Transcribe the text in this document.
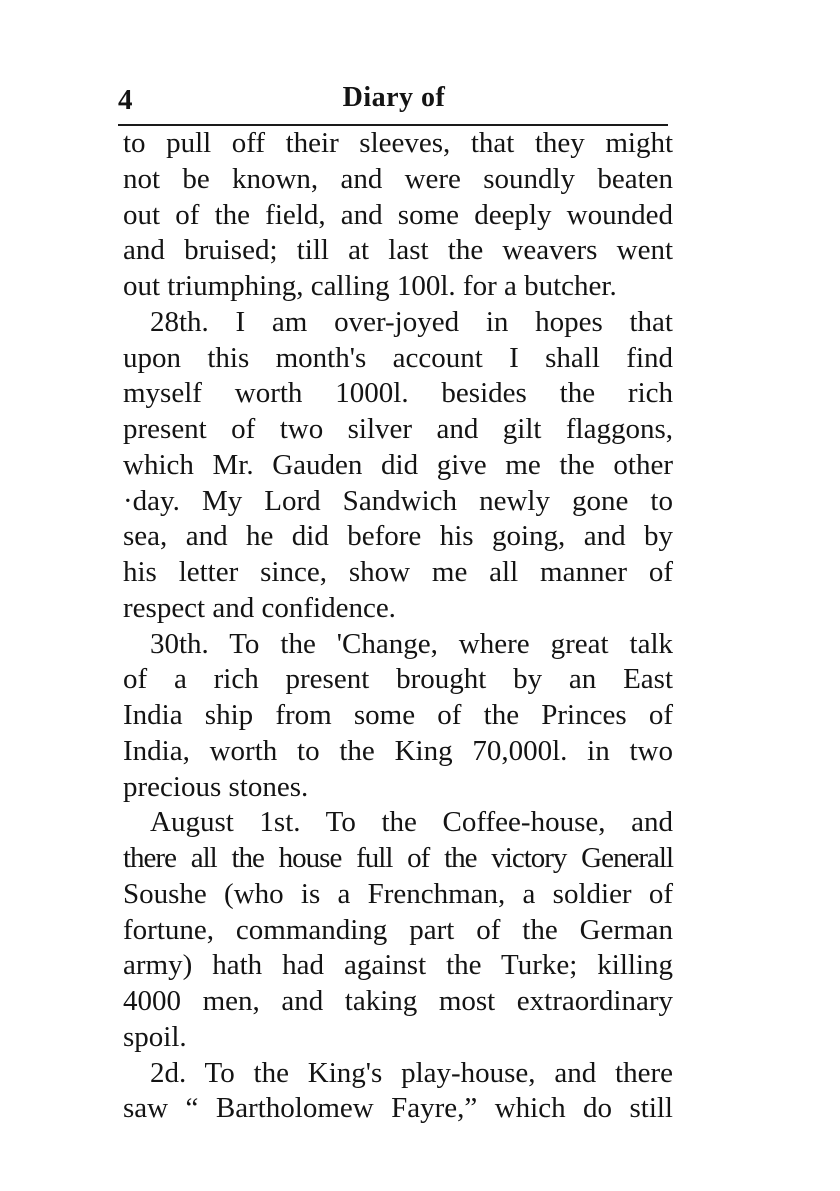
4	Diary of
to pull off their sleeves, that they might
not be known, and were soundly beaten
out of the field, and some deeply wounded
and bruised; till at last the weavers went
out triumphing, calling 100l. for a butcher.
28th. I am over-joyed in hopes that
upon this month's account I shall find
myself worth 1000l. besides the rich
present of two silver and gilt flaggons,
which Mr. Gauden did give me the other
·day. My Lord Sandwich newly gone to
sea, and he did before his going, and by
his letter since, show me all manner of
respect and confidence.
30th. To the 'Change, where great talk
of a rich present brought by an East
India ship from some of the Princes of
India, worth to the King 70,000l. in two
precious stones.
August 1st. To the Coffee-house, and
there all the house full of the victory Generall
Soushe (who is a Frenchman, a soldier of
fortune, commanding part of the German
army) hath had against the Turke; killing
4000 men, and taking most extraordinary
spoil.
2d. To the King's play-house, and there
saw “ Bartholomew Fayre,” which do still
